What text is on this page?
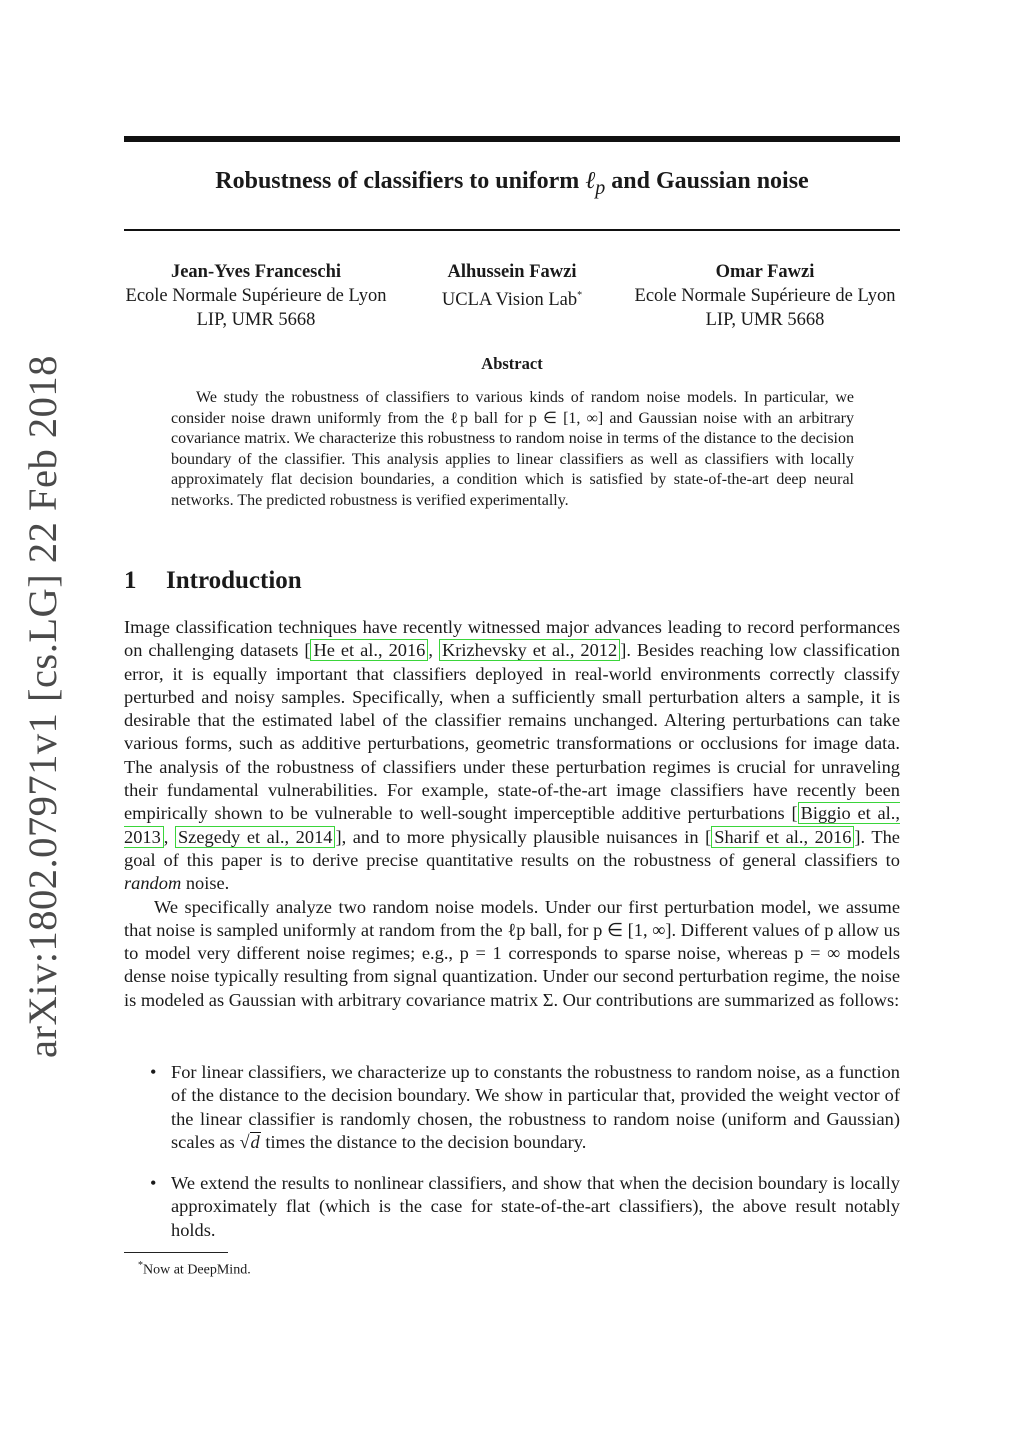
arXiv:1802.07971v1 [cs.LG] 22 Feb 2018
Robustness of classifiers to uniform ℓ$_p$ and Gaussian noise
Jean-Yves Franceschi
Ecole Normale Supérieure de Lyon
LIP, UMR 5668
Alhussein Fawzi
UCLA Vision Lab*
Omar Fawzi
Ecole Normale Supérieure de Lyon
LIP, UMR 5668
Abstract

We study the robustness of classifiers to various kinds of random noise models. In particular, we consider noise drawn uniformly from the ℓp ball for p ∈ [1, ∞] and Gaussian noise with an arbitrary covariance matrix. We characterize this robustness to random noise in terms of the distance to the decision boundary of the classifier. This analysis applies to linear classifiers as well as classifiers with locally approximately flat decision boundaries, a condition which is satisfied by state-of-the-art deep neural networks. The predicted robustness is verified experimentally.

1 Introduction

Image classification techniques have recently witnessed major advances leading to record performances on challenging datasets [ He et al., 2016 , Krizhevsky et al., 2012 ]. Besides reaching low classification error, it is equally important that classifiers deployed in real-world environments correctly classify perturbed and noisy samples. Specifically, when a sufficiently small perturbation alters a sample, it is desirable that the estimated label of the classifier remains unchanged. Altering perturbations can take various forms, such as additive perturbations, geometric transformations or occlusions for image data. The analysis of the robustness of classifiers under these perturbation regimes is crucial for unraveling their fundamental vulnerabilities. For example, state-of-the-art image classifiers have recently been empirically shown to be vulnerable to well-sought imperceptible additive perturbations [ Biggio et al., 2013 , Szegedy et al., 2014 ], and to more physically plausible nuisances in [ Sharif et al., 2016 ]. The goal of this paper is to derive precise quantitative results on the robustness of general classifiers to random noise.

We specifically analyze two random noise models. Under our first perturbation model, we assume that noise is sampled uniformly at random from the ℓp ball, for p ∈ [1, ∞]. Different values of p allow us to model very different noise regimes; e.g., p = 1 corresponds to sparse noise, whereas p = ∞ models dense noise typically resulting from signal quantization. Under our second perturbation regime, the noise is modeled as Gaussian with arbitrary covariance matrix Σ. Our contributions are summarized as follows:

• For linear classifiers, we characterize up to constants the robustness to random noise, as a function of the distance to the decision boundary. We show in particular that, provided the weight vector of the linear classifier is randomly chosen, the robustness to random noise (uniform and Gaussian) scales as √d times the distance to the decision boundary.
• We extend the results to nonlinear classifiers, and show that when the decision boundary is locally approximately flat (which is the case for state-of-the-art classifiers), the above result notably holds.
*Now at DeepMind.
